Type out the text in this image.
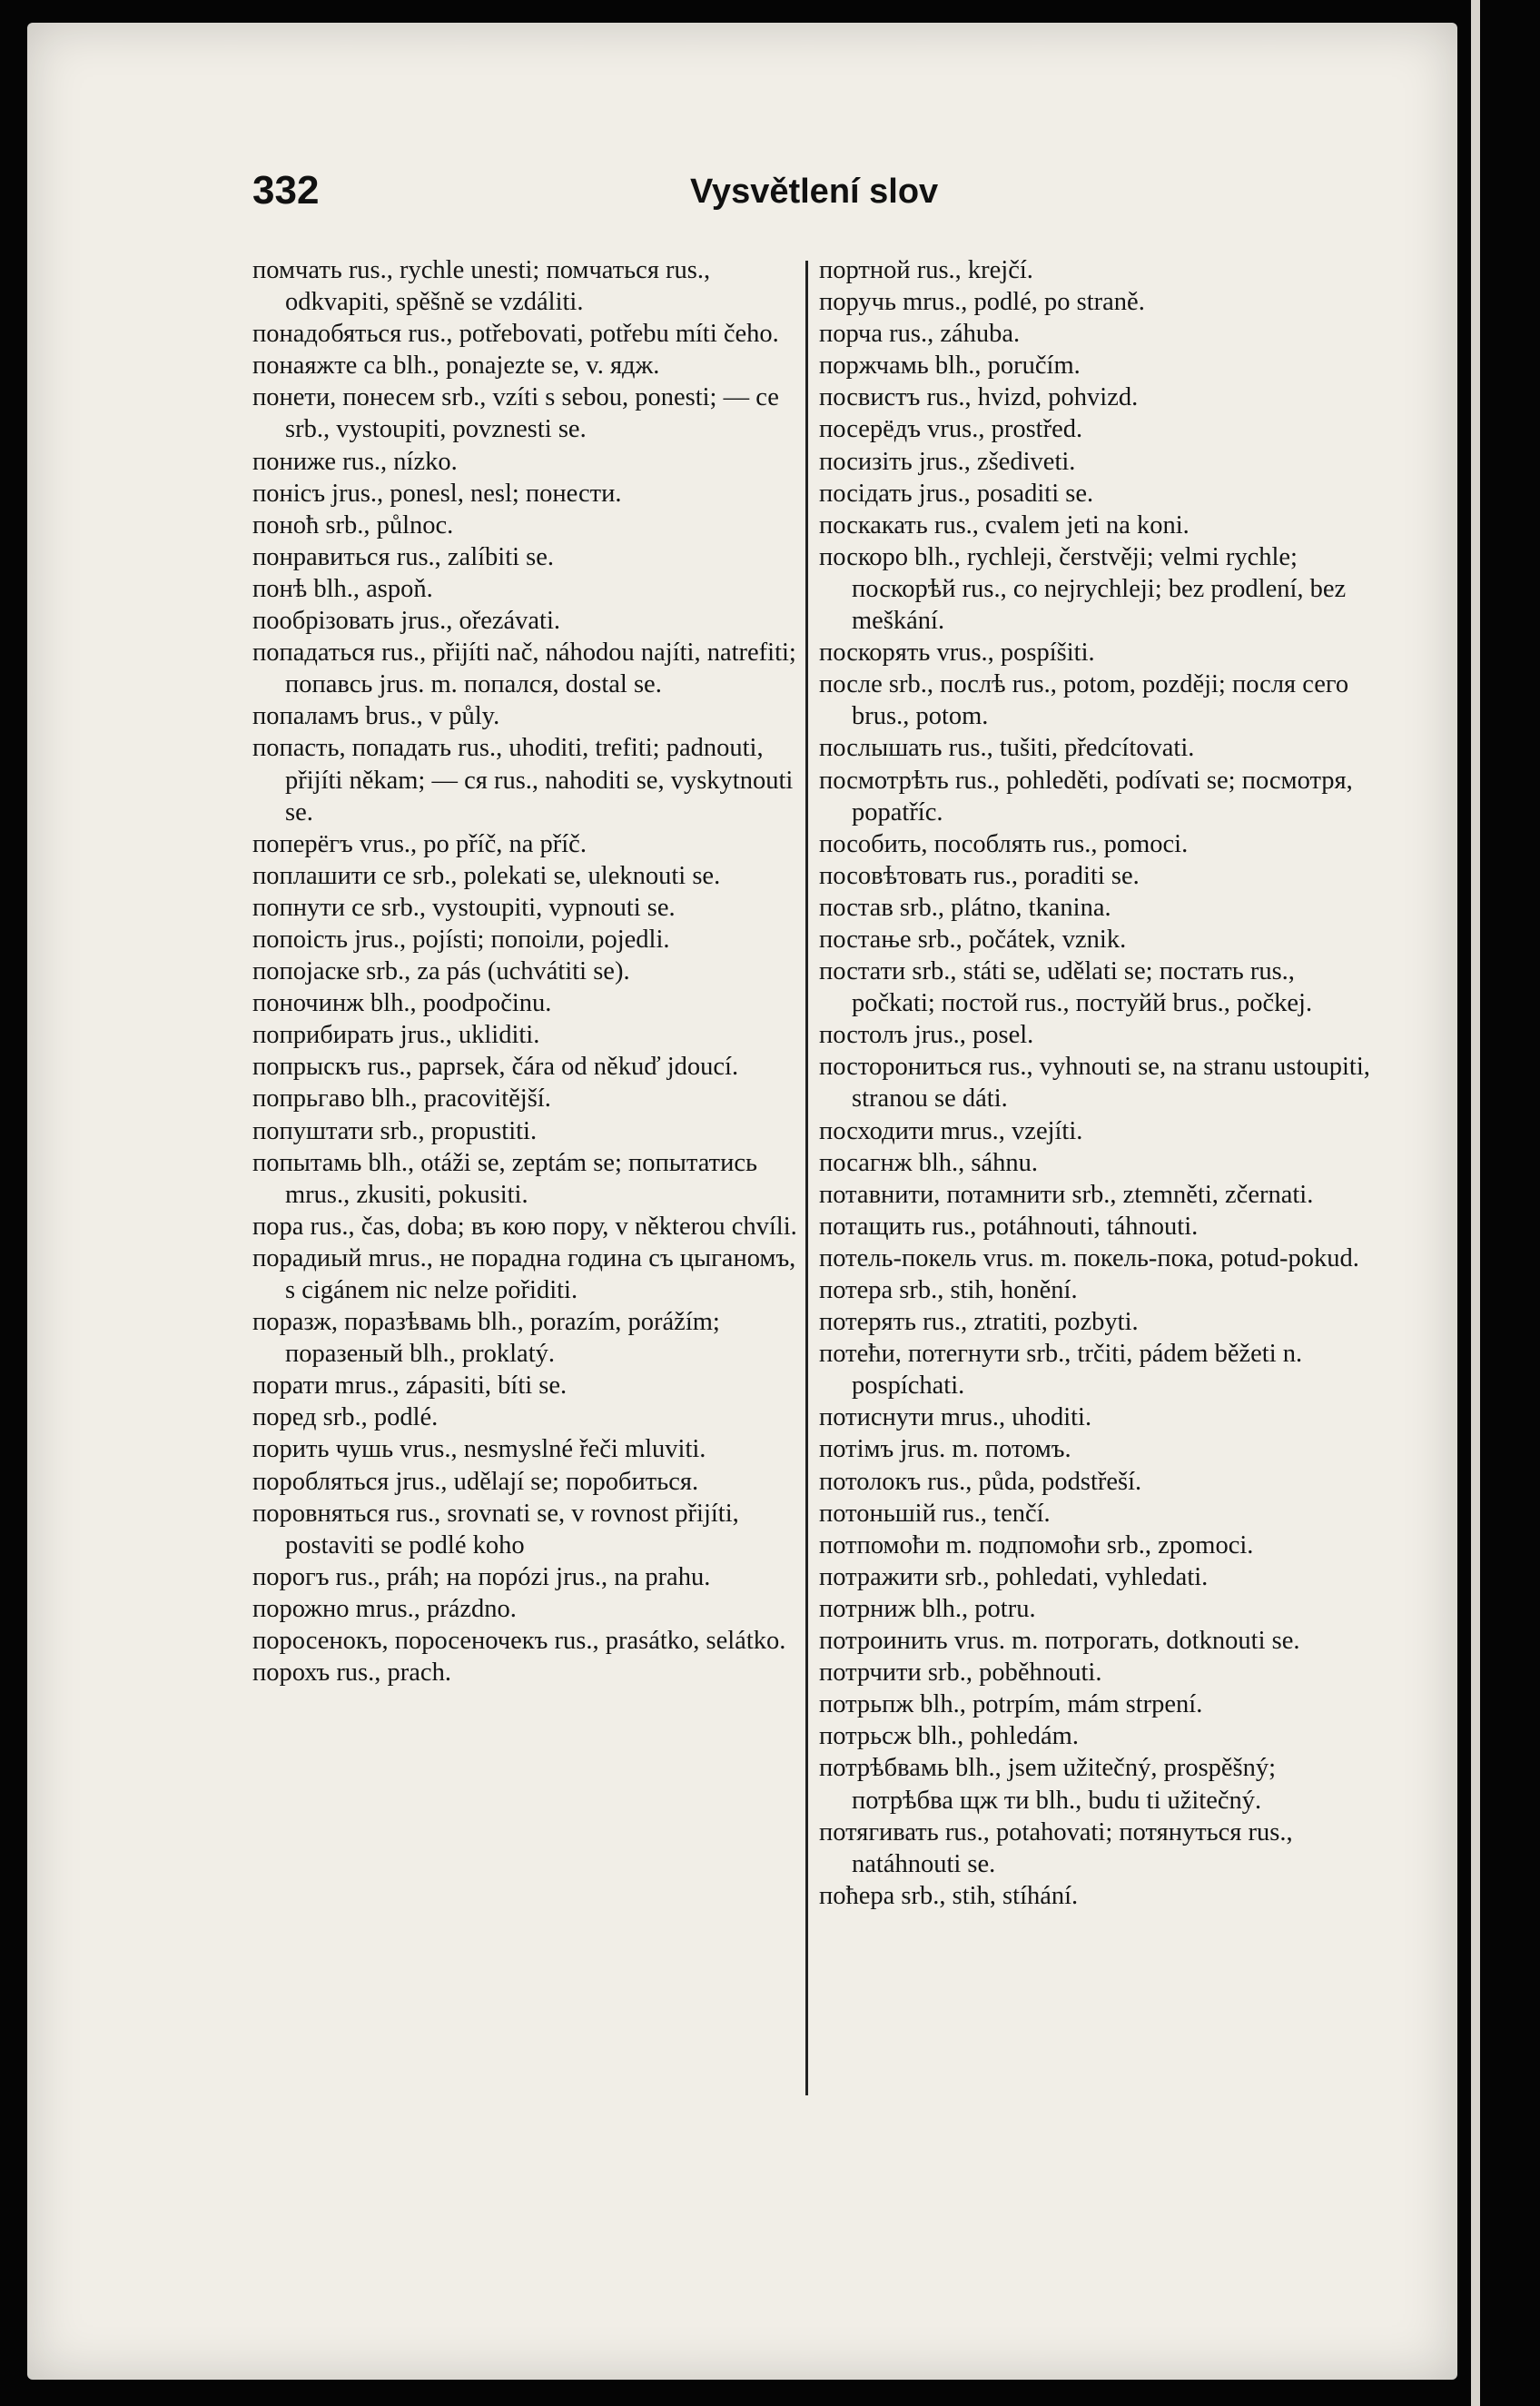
332	Vysvětlení slov

помчать rus., rychle unesti; помчаться rus., odkvapiti, spěšně se vzdáliti.

понадобяться rus., potřebovati, potřebu míti čeho.

понаяжте са blh., ponajezte se, v. ядж.

понети, понесем srb., vzíti s sebou, ponesti; — се srb., vystoupiti, povznesti se.

пониже rus., nízko.

понісъ jrus., ponesl, nesl; понести.

поноћ srb., půlnoc.

понравиться rus., zalíbiti se.

понѣ blh., aspoň.

пообрізовать jrus., ořezávati.

попадаться rus., přijíti nač, náhodou najíti, natrefiti; попавсь jrus. m. попался, dostal se.

попаламъ brus., v půly.

попасть, попадать rus., uhoditi, trefiti; padnouti, přijíti někam; — ся rus., nahoditi se, vyskytnouti se.

поперёгъ vrus., po příč, na příč.

поплашити се srb., polekati se, uleknouti se.

попнути се srb., vystoupiti, vypnouti se.

попоість jrus., pojísti; попоіли, pojedli.

попојаске srb., za pás (uchvátiti se).

поночинж blh., poodpočinu.

поприбирать jrus., ukliditi.

попрыскъ rus., paprsek, čára od někuď jdoucí.

попрьгаво blh., pracovitější.

попуштати srb., propustiti.

попытамь blh., otáži se, zeptám se; попытатись mrus., zkusiti, pokusiti.

пора rus., čas, doba; въ кою пору, v některou chvíli.

порадиый mrus., не порадна година съ цыганомъ, s cigánem nic nelze pořiditi.

поразж, поразѣвамь blh., porazím, porážím; поразеный blh., proklatý.

порати mrus., zápasiti, bíti se.

поред srb., podlé.

порить чушь vrus., nesmyslné řeči mluviti.

поробляться jrus., udělají se; поробиться.

поровняться rus., srovnati se, v rovnost přijíti, postaviti se podlé koho

порогъ rus., práh; на порózi jrus., na prahu.

порожно mrus., prázdno.

поросенокъ, поросеночекъ rus., prasátko, selátko.

порохъ rus., prach.

портной rus., krejčí.

поручь mrus., podlé, po straně.

порча rus., záhuba.

поржчамь blh., poručím.

посвистъ rus., hvizd, pohvizd.

посерёдъ vrus., prostřed.

посизіть jrus., zšediveti.

посідать jrus., posaditi se.

поскакать rus., cvalem jeti na koni.

поскоро blh., rychleji, čerstvěji; velmi rychle; поскорѣй rus., co nejrychleji; bez prodlení, bez meškání.

поскорять vrus., pospíšiti.

после srb., послѣ rus., potom, později; посля сего brus., potom.

послышать rus., tušiti, předcítovati.

посмотрѣть rus., pohleděti, podívati se; посмотря, popatříc.

пособить, пособлять rus., pomoci.

посовѣтовать rus., poraditi se.

постав srb., plátno, tkanina.

постање srb., počátek, vznik.

постати srb., státi se, udělati se; постать rus., počkati; постой rus., постуйй brus., počkej.

постолъ jrus., posel.

посторониться rus., vyhnouti se, na stranu ustoupiti, stranou se dáti.

посходити mrus., vzejíti.

посагнж blh., sáhnu.

потавнити, потамнити srb., ztemněti, zčernati.

потащить rus., potáhnouti, táhnouti.

потель-покель vrus. m. покель-пока, potud-pokud.

потера srb., stih, honění.

потерять rus., ztratiti, pozbyti.

потећи, потегнути srb., trčiti, pádem běžeti n. pospíchati.

потиснути mrus., uhoditi.

потімъ jrus. m. потомъ.

потолокъ rus., půda, podstřeší.

потоньшій rus., tenčí.

потпомоћи m. подпомоћи srb., zpomoci.

потражити srb., pohledati, vyhledati.

потрниж blh., potru.

потроинить vrus. m. потрогать, dotknouti se.

потрчити srb., poběhnouti.

потрьпж blh., potrpím, mám strpení.

потрьсж blh., pohledám.

потрѣбвамь blh., jsem užitečný, prospěšný; потрѣбва щж ти blh., budu ti užitečný.

потягивать rus., potahovati; потянуться rus., natáhnouti se.

поћера srb., stih, stíhání.
